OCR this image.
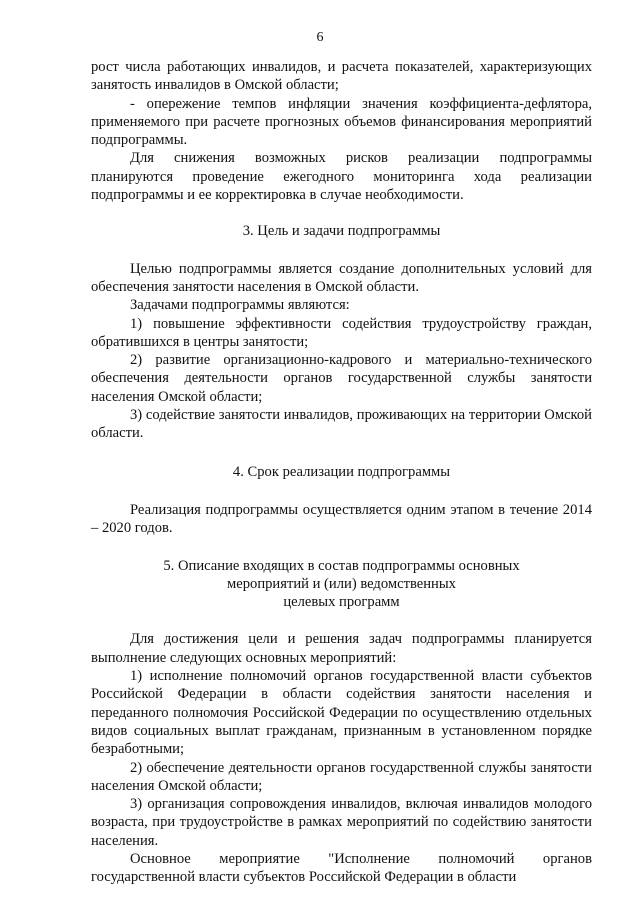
6

рост числа работающих инвалидов, и расчета показателей, характеризующих занятость инвалидов в Омской области;

- опережение темпов инфляции значения коэффициента-дефлятора, применяемого при расчете прогнозных объемов финансирования мероприятий подпрограммы.

Для снижения возможных рисков реализации подпрограммы планируются проведение ежегодного мониторинга хода реализации подпрограммы и ее корректировка в случае необходимости.

3. Цель и задачи подпрограммы

Целью подпрограммы является создание дополнительных условий для обеспечения занятости населения в Омской области.

Задачами подпрограммы являются:

1) повышение эффективности содействия трудоустройству граждан, обратившихся в центры занятости;

2) развитие организационно-кадрового и материально-технического обеспечения деятельности органов государственной службы занятости населения Омской области;

3) содействие занятости инвалидов, проживающих на территории Омской области.

4. Срок реализации подпрограммы

Реализация подпрограммы осуществляется одним этапом в течение 2014 – 2020 годов.

5. Описание входящих в состав подпрограммы основных
мероприятий и (или) ведомственных
целевых программ

Для достижения цели и решения задач подпрограммы планируется выполнение следующих основных мероприятий:

1) исполнение полномочий органов государственной власти субъектов Российской Федерации в области содействия занятости населения и переданного полномочия Российской Федерации по осуществлению отдельных видов социальных выплат гражданам, признанным в установленном порядке безработными;

2) обеспечение деятельности органов государственной службы занятости населения Омской области;

3) организация сопровождения инвалидов, включая инвалидов молодого возраста, при трудоустройстве в рамках мероприятий по содействию занятости населения.

Основное мероприятие "Исполнение полномочий органов государственной власти субъектов Российской Федерации в области
